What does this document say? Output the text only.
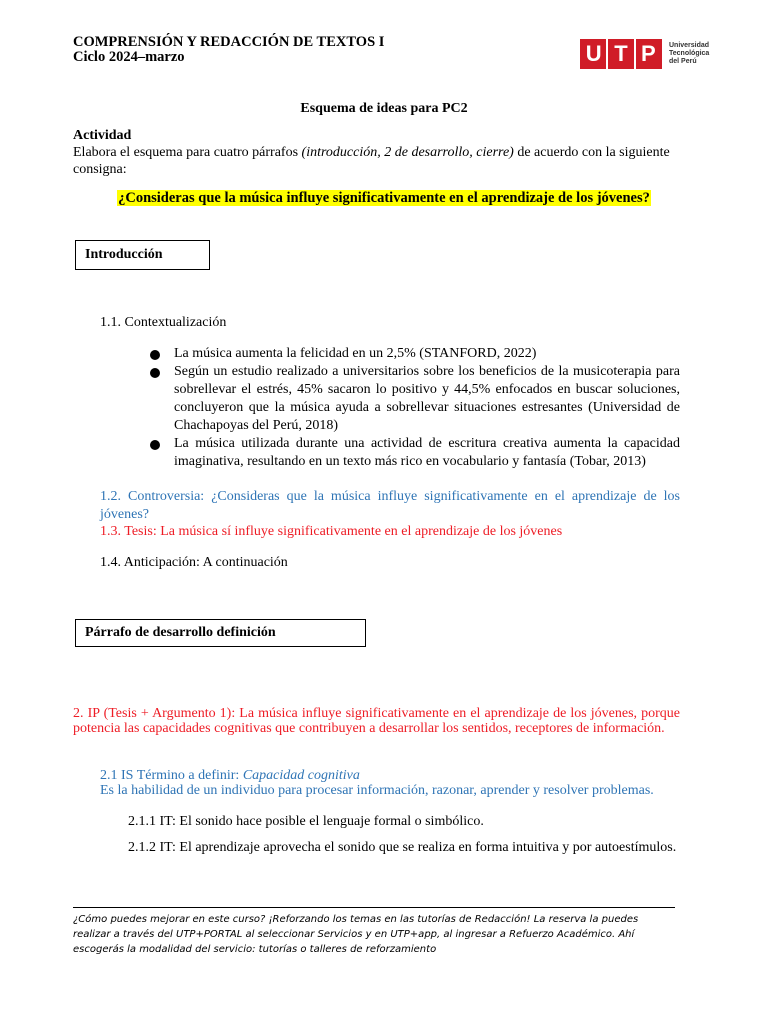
COMPRENSIÓN Y REDACCIÓN DE TEXTOS I
Ciclo 2024–marzo	U T P	Universidad
Tecnológica
del Perú
Esquema de ideas para PC2
Actividad
Elabora el esquema para cuatro párrafos (introducción, 2 de desarrollo, cierre) de acuerdo con la siguiente consigna:
¿Consideras que la música influye significativamente en el aprendizaje de los jóvenes?
Introducción
1.1. Contextualización
La música aumenta la felicidad en un 2,5% (STANFORD, 2022)
Según un estudio realizado a universitarios sobre los beneficios de la musicoterapia para sobrellevar el estrés, 45% sacaron lo positivo y 44,5% enfocados en buscar soluciones, concluyeron que la música ayuda a sobrellevar situaciones estresantes (Universidad de Chachapoyas del Perú, 2018)
La música utilizada durante una actividad de escritura creativa aumenta la capacidad imaginativa, resultando en un texto más rico en vocabulario y fantasía (Tobar, 2013)
1.2. Controversia: ¿Consideras que la música influye significativamente en el aprendizaje de los jóvenes?
1.3. Tesis: La música sí influye significativamente en el aprendizaje de los jóvenes
1.4. Anticipación: A continuación
Párrafo de desarrollo definición
2. IP (Tesis + Argumento 1): La música influye significativamente en el aprendizaje de los jóvenes, porque potencia las capacidades cognitivas que contribuyen a desarrollar los sentidos, receptores de información.
2.1 IS Término a definir: Capacidad cognitiva
Es la habilidad de un individuo para procesar información, razonar, aprender y resolver problemas.
2.1.1 IT: El sonido hace posible el lenguaje formal o simbólico.
2.1.2 IT: El aprendizaje aprovecha el sonido que se realiza en forma intuitiva y por autoestímulos.
¿Cómo puedes mejorar en este curso? ¡Reforzando los temas en las tutorías de Redacción! La reserva la puedes realizar a través del UTP+PORTAL al seleccionar Servicios y en UTP+app, al ingresar a Refuerzo Académico. Ahí escogerás la modalidad del servicio: tutorías o talleres de reforzamiento
